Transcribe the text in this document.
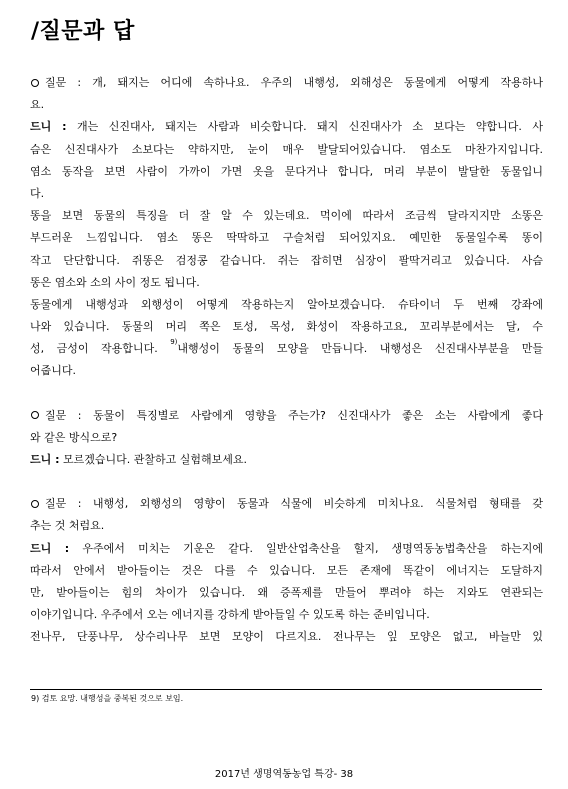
/질문과 답
질문 : 개, 돼지는 어디에 속하나요. 우주의 내행성, 외해성은 동물에게 어떻게 작용하나
요.
드니 : 개는 신진대사, 돼지는 사람과 비슷합니다. 돼지 신진대사가 소 보다는 약합니다. 사
슴은 신진대사가 소보다는 약하지만, 눈이 매우 발달되어있습니다. 염소도 마찬가지입니다.
염소 동작을 보면 사람이 가까이 가면 옷을 문다거나 합니다, 머리 부분이 발달한 동물입니
다.
똥을 보면 동물의 특징을 더 잘 알 수 있는데요. 먹이에 따라서 조금씩 달라지지만 소똥은
부드러운 느낌입니다. 염소 똥은 딱딱하고 구슬처럼 되어있지요. 예민한 동물일수록 똥이
작고 단단합니다. 쥐똥은 검정콩 같습니다. 쥐는 잡히면 심장이 팔딱거리고 있습니다. 사슴
똥은 염소와 소의 사이 정도 됩니다.
동물에게 내행성과 외행성이 어떻게 작용하는지 알아보겠습니다. 슈타이너 두 번째 강좌에
나와 있습니다. 동물의 머리 쪽은 토성, 목성, 화성이 작용하고요, 꼬리부분에서는 달, 수
성, 금성이 작용합니다. $^{9)}$내행성이 동물의 모양을 만듭니다. 내행성은 신진대사부분을 만들
어줍니다.
질문 : 동물이 특징별로 사람에게 영향을 주는가? 신진대사가 좋은 소는 사람에게 좋다
와 같은 방식으로?
드니 : 모르겠습니다. 관찰하고 실험해보세요.
질문 : 내행성, 외행성의 영향이 동물과 식물에 비슷하게 미치나요. 식물처럼 형태를 갖
추는 것 처럼요.
드니 : 우주에서 미치는 기운은 같다. 일반산업축산을 할지, 생명역동농법축산을 하는지에
따라서 안에서 받아들이는 것은 다를 수 있습니다. 모든 존재에 똑같이 에너지는 도달하지
만, 받아들이는 힘의 차이가 있습니다. 왜 증폭제를 만들어 뿌려야 하는 지와도 연관되는
이야기입니다. 우주에서 오는 에너지를 강하게 받아들일 수 있도록 하는 준비입니다.
전나무, 단풍나무, 상수리나무 보면 모양이 다르지요. 전나무는 잎 모양은 없고, 바늘만 있
9) 검토 요망. 내행성을 중복된 것으로 보임.
2017년 생명역동농업 특강- 38
